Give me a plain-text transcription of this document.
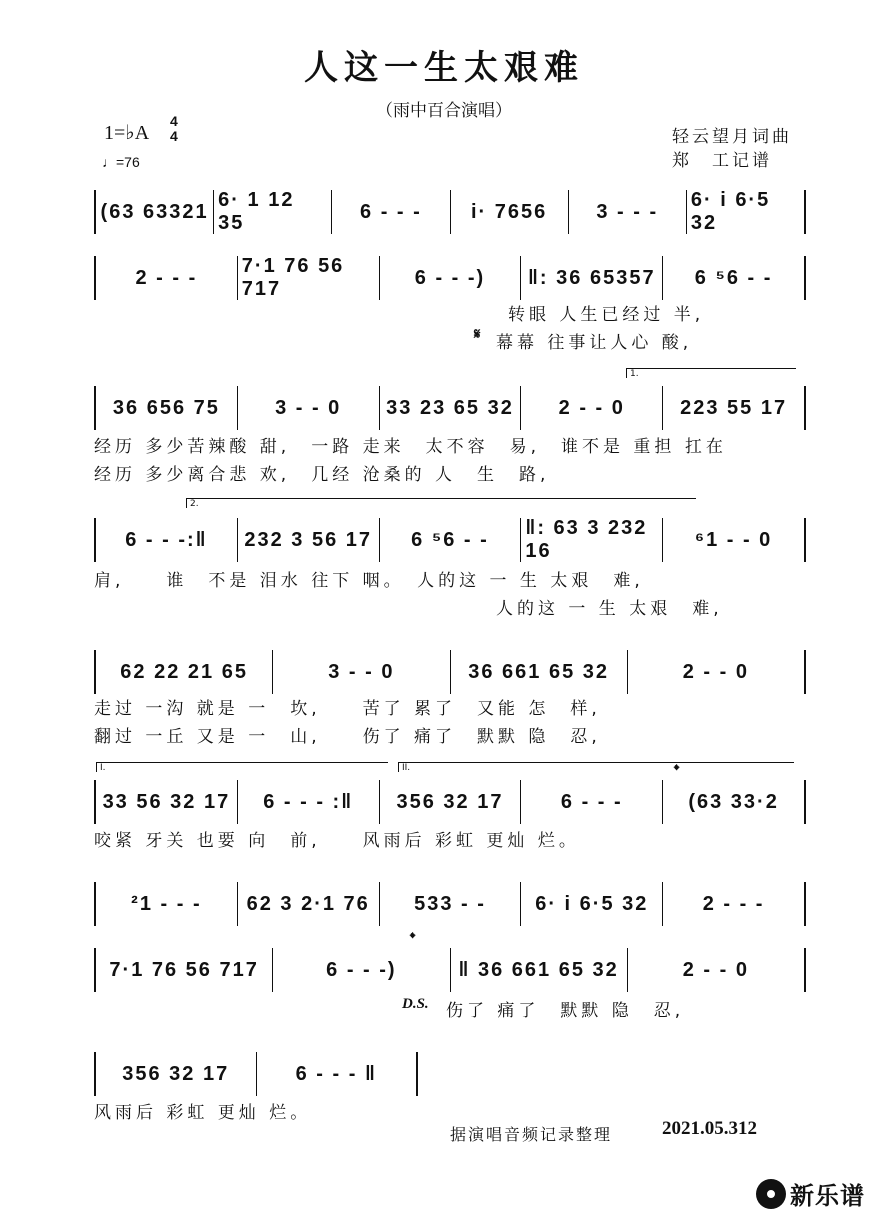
人这一生太艰难
（雨中百合演唱）
1=♭A
4
4
♩=76
轻云望月词曲
郑　工记谱
(63 63321
6· 1 12 35
6 - - -	i· 7656	3 - - -
6· i 6·5 32
2 - - -
7·1 76 56 717
6 - - -)	‖: 36 65357	6 ⁵6 - -
转眼 人生已经过 半,
𝄋 幕幕 往事让人心 酸,
1.
36 656 75	3 - - 0	33 23 65 32	2 - - 0	223 55 17
经历 多少苦辣酸 甜,　一路 走来　太不容　易,　谁不是 重担 扛在
经历 多少离合悲 欢,　几经 沧桑的 人　生　路,
2.
6 - - -:‖	232 3 56 17	6 ⁵6 - -
‖: 63 3 232 16
⁶1 - - 0
肩,　　谁　不是 泪水 往下 咽。　人的这 一 生 太艰　难,
人的这 一 生 太艰　难,
62 22 21 65	3 - - 0	36 661 65 32	2 - - 0
走过 一沟 就是 一　坎,　　苦了 累了　又能 怎　样,
翻过 一丘 又是 一　山,　　伤了 痛了　默默 隐　忍,
I.	II.	𝄌
33 56 32 17	6 - - - :‖	356 32 17	6 - - -	(63 33·2
咬紧 牙关 也要 向　前,　　风雨后 彩虹 更灿 烂。
²1 - - -	62 3 2·1 76	533 - -	6· i 6·5 32	2 - - -
𝄌
7·1 76 56 717	6 - - -)	‖ 36 661 65 32	2 - - 0
D.S. 伤了 痛了　默默 隐　忍,
356 32 17	6 - - - ‖
风雨后 彩虹 更灿 烂。
据演唱音频记录整理	2021.05.312
新乐谱
